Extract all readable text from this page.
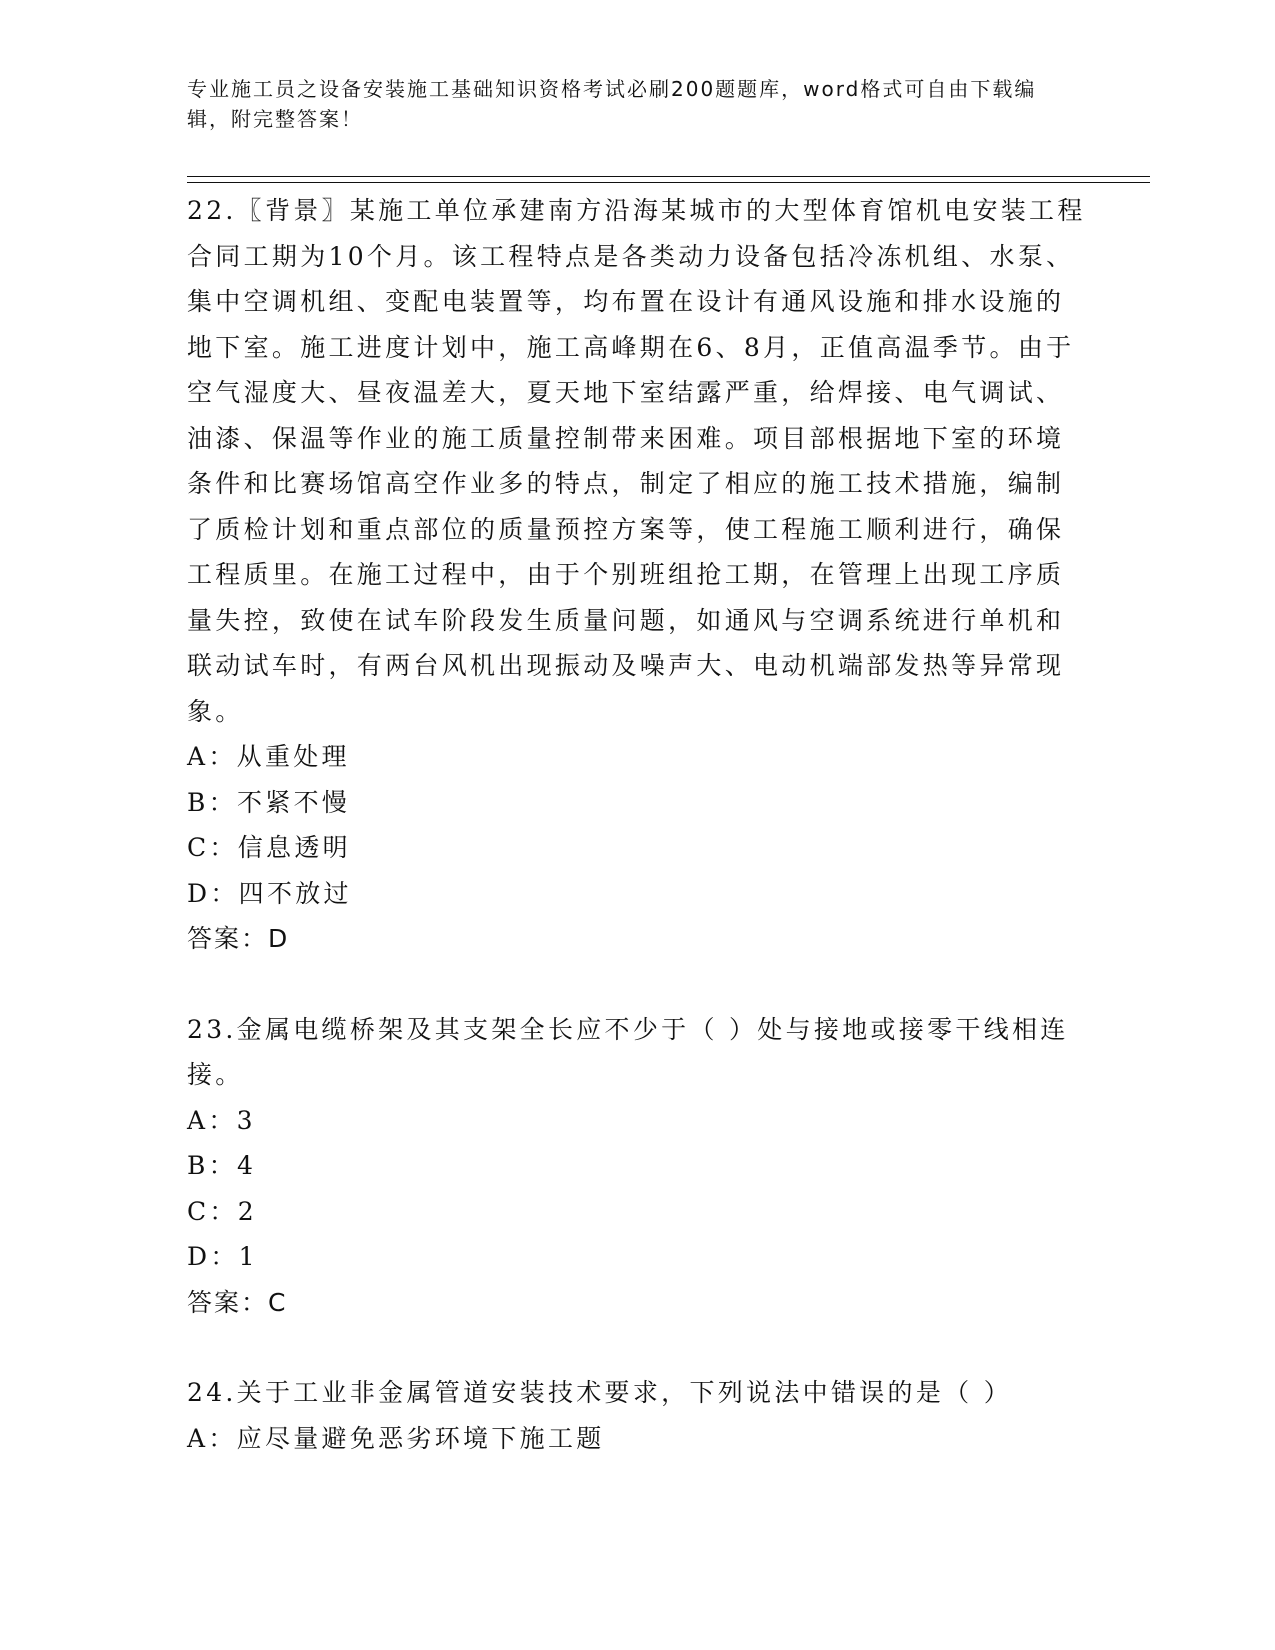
专业施工员之设备安装施工基础知识资格考试必刷200题题库，word格式可自由下载编辑，附完整答案！

22.〖背景〗某施工单位承建南方沿海某城市的大型体育馆机电安装工程合同工期为10个月。该工程特点是各类动力设备包括冷冻机组、水泵、集中空调机组、变配电装置等，均布置在设计有通风设施和排水设施的地下室。施工进度计划中，施工高峰期在6、8月，正值高温季节。由于空气湿度大、昼夜温差大，夏天地下室结露严重，给焊接、电气调试、油漆、保温等作业的施工质量控制带来困难。项目部根据地下室的环境条件和比赛场馆高空作业多的特点，制定了相应的施工技术措施，编制了质检计划和重点部位的质量预控方案等，使工程施工顺利进行，确保工程质里。在施工过程中，由于个别班组抢工期，在管理上出现工序质量失控，致使在试车阶段发生质量问题，如通风与空调系统进行单机和联动试车时，有两台风机出现振动及噪声大、电动机端部发热等异常现象。

A：从重处理

B：不紧不慢

C：信息透明

D：四不放过

答案：D

23.金属电缆桥架及其支架全长应不少于（ ）处与接地或接零干线相连接。

A：3

B：4

C：2

D：1

答案：C

24.关于工业非金属管道安装技术要求，下列说法中错误的是（ ）

A：应尽量避免恶劣环境下施工题
